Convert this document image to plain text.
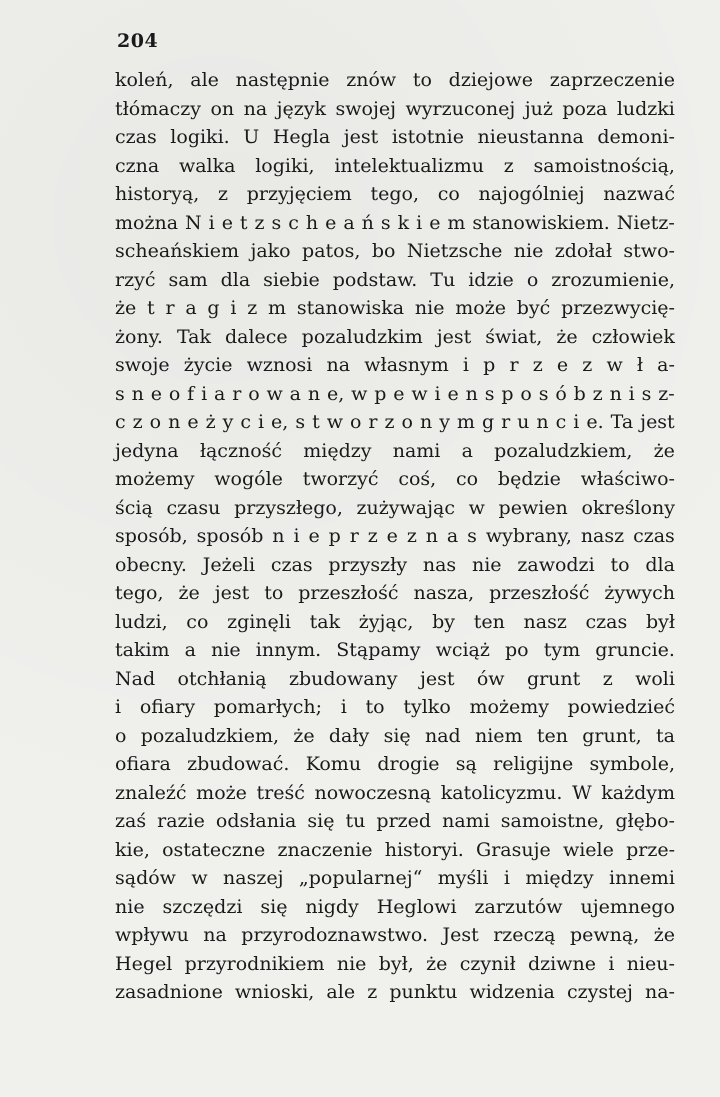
204
koleń, ale następnie znów to dziejowe zaprzeczenie
tłómaczy on na język swojej wyrzuconej już poza ludzki
czas logiki. U Hegla jest istotnie nieustanna demoni-
czna walka logiki, intelektualizmu z samoistnością,
historyą, z przyjęciem tego, co najogólniej nazwać
można N i e t z s c h e a ń s k i e m stanowiskiem. Nietz-
scheańskiem jako patos, bo Nietzsche nie zdołał stwo-
rzyć sam dla siebie podstaw. Tu idzie o zrozumienie,
że t r a g i z m stanowiska nie może być przezwycię-
żony. Tak dalece pozaludzkim jest świat, że człowiek
swoje życie wznosi na własnym i p r z e z w ł a-
s n e o f i a r o w a n e, w p e w i e n s p o s ó b z n i s z-
c z o n e ż y c i e, s t w o r z o n y m g r u n c i e. Ta jest
jedyna łączność między nami a pozaludzkiem, że
możemy wogóle tworzyć coś, co będzie właściwo-
ścią czasu przyszłego, zużywając w pewien określony
sposób, sposób n i e p r z e z n a s wybrany, nasz czas
obecny. Jeżeli czas przyszły nas nie zawodzi to dla
tego, że jest to przeszłość nasza, przeszłość żywych
ludzi, co zginęli tak żyjąc, by ten nasz czas był
takim a nie innym. Stąpamy wciąż po tym gruncie.
Nad otchłanią zbudowany jest ów grunt z woli
i ofiary pomarłych; i to tylko możemy powiedzieć
o pozaludzkiem, że dały się nad niem ten grunt, ta
ofiara zbudować. Komu drogie są religijne symbole,
znaleźć może treść nowoczesną katolicyzmu. W każdym
zaś razie odsłania się tu przed nami samoistne, głębo-
kie, ostateczne znaczenie historyi. Grasuje wiele prze-
sądów w naszej „popularnej“ myśli i między innemi
nie szczędzi się nigdy Heglowi zarzutów ujemnego
wpływu na przyrodoznawstwo. Jest rzeczą pewną, że
Hegel przyrodnikiem nie był, że czynił dziwne i nieu-
zasadnione wnioski, ale z punktu widzenia czystej na-
